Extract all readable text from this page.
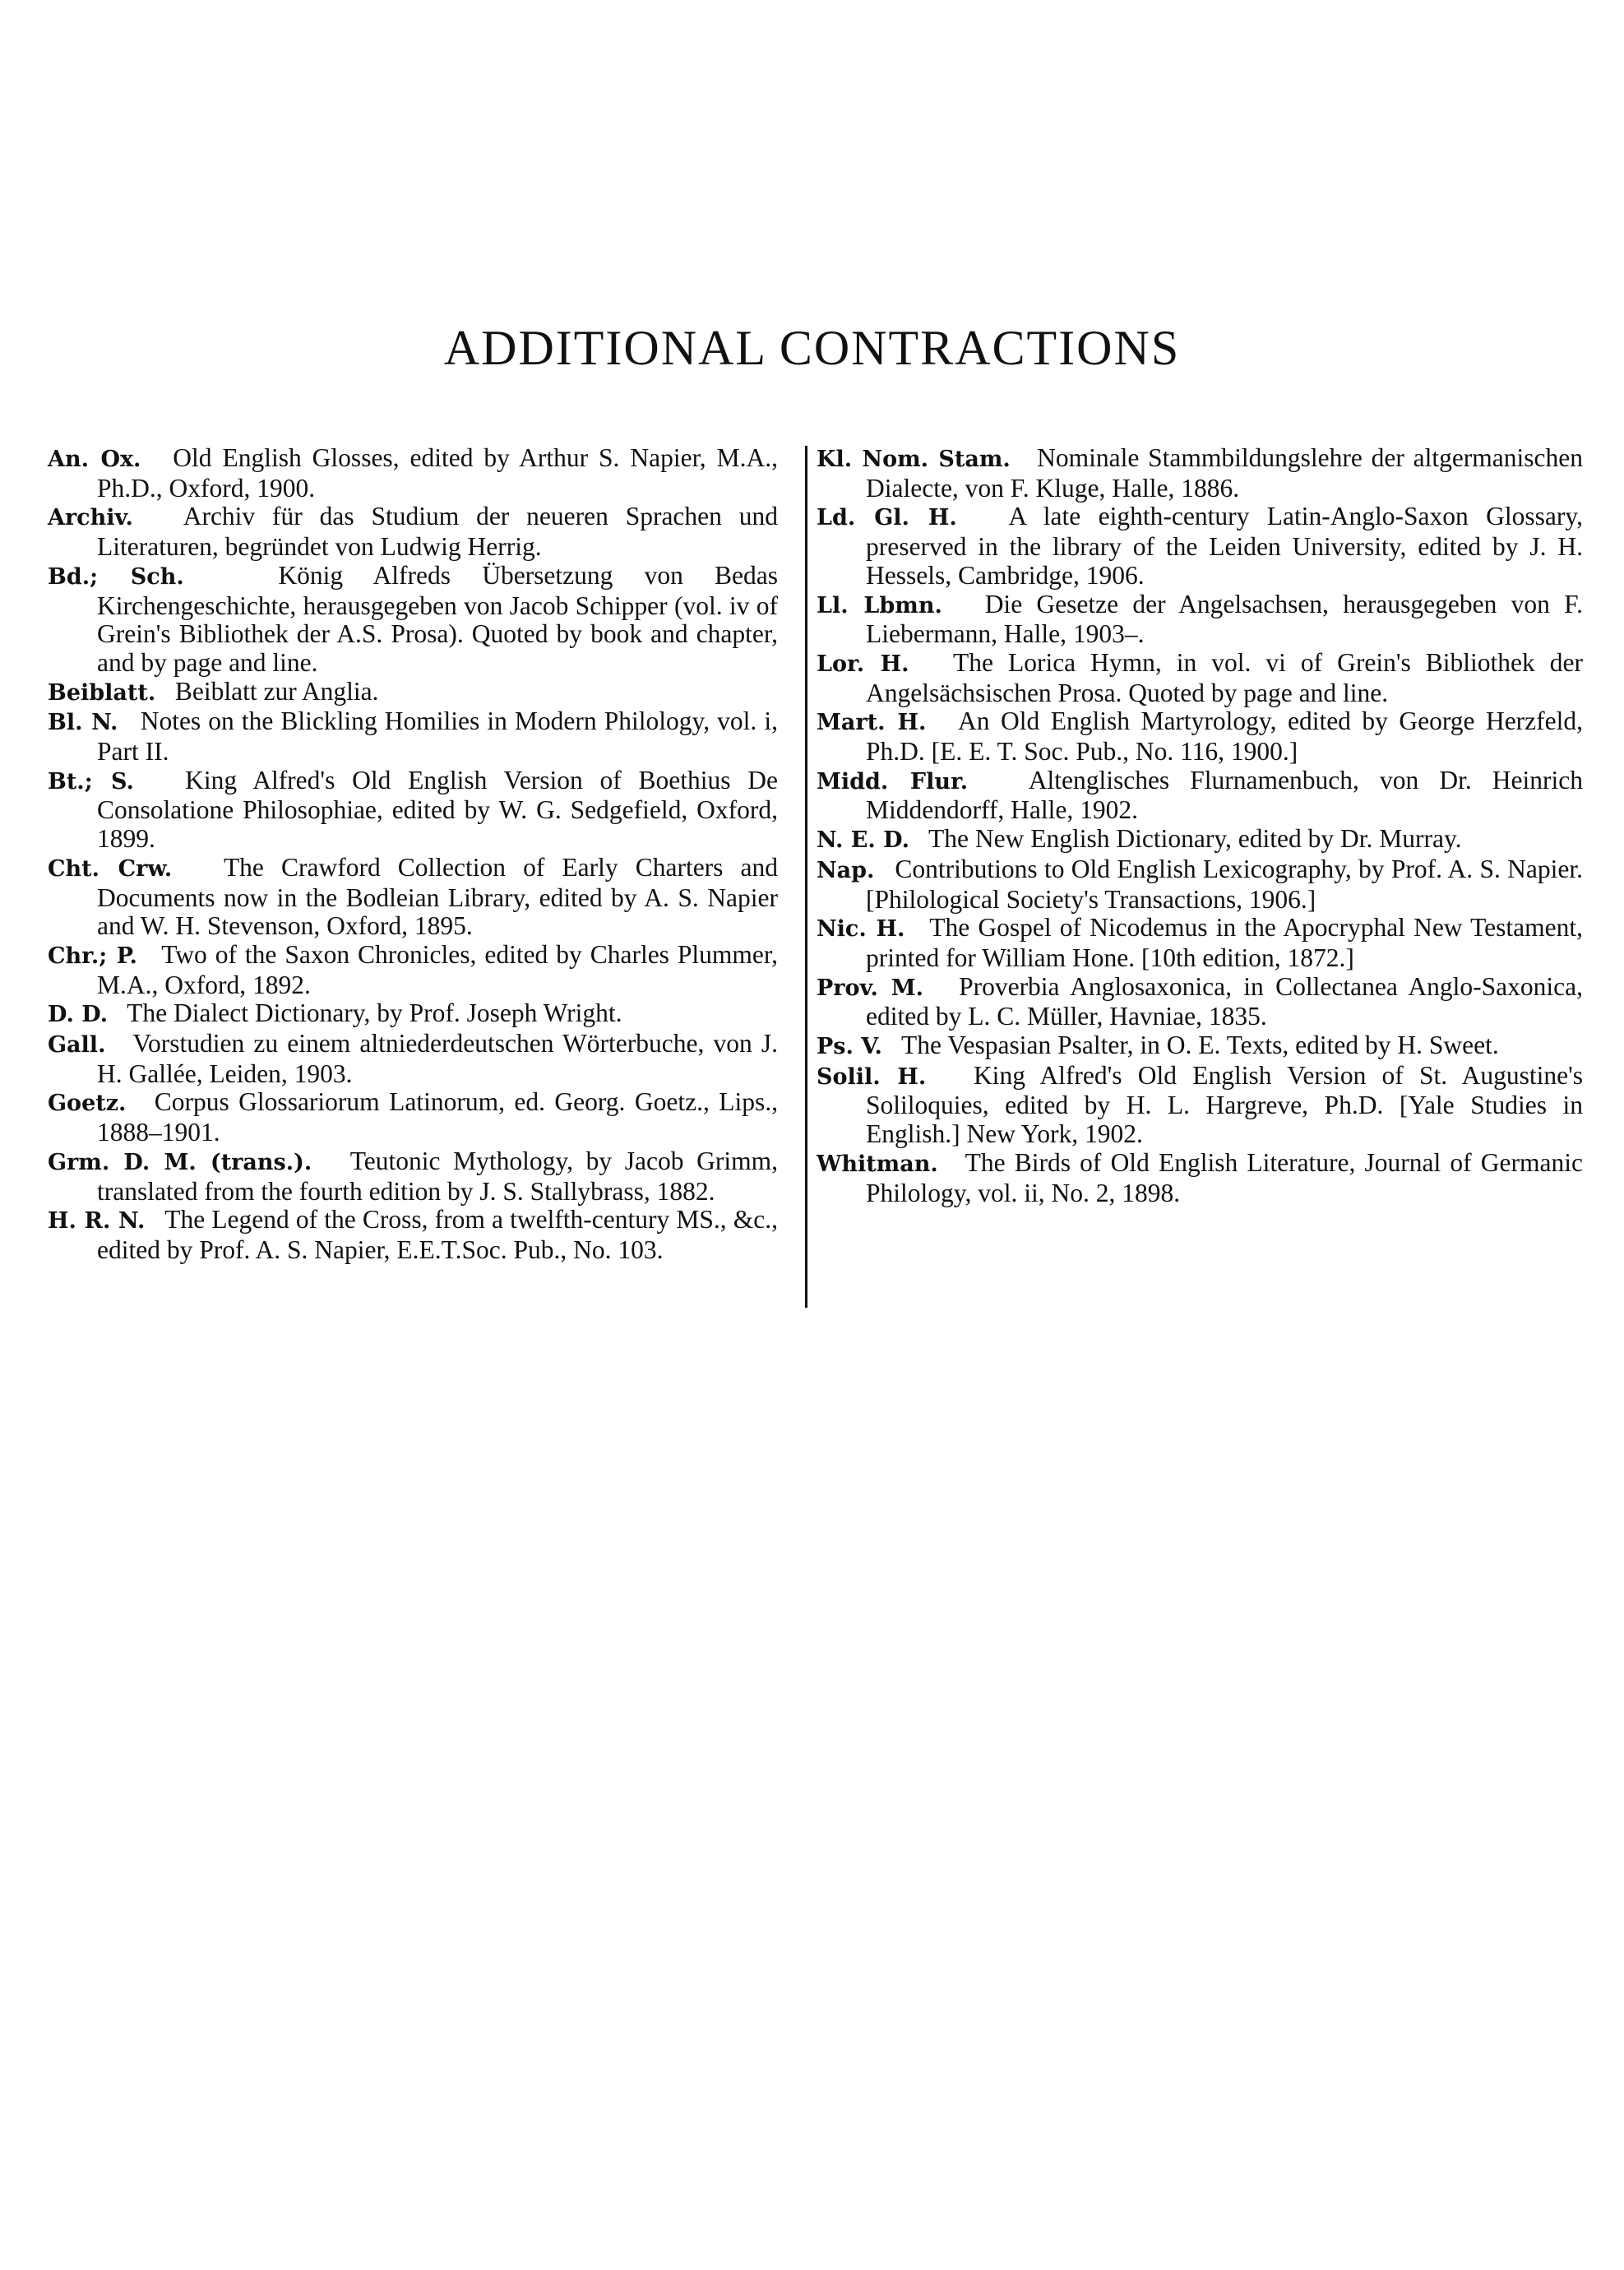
ADDITIONAL CONTRACTIONS

An. Ox. Old English Glosses, edited by Arthur S. Napier, M.A., Ph.D., Oxford, 1900.

Archiv. Archiv für das Studium der neueren Sprachen und Literaturen, begründet von Ludwig Herrig.

Bd.; Sch.	König Alfreds Übersetzung von Bedas Kirchengeschichte, herausgegeben von Jacob Schipper (vol. iv of Grein's Bibliothek der A.S. Prosa). Quoted by book and chapter, and by page and line.

Beiblatt. Beiblatt zur Anglia.

Bl. N. Notes on the Blickling Homilies in Modern Philology, vol. i, Part II.

Bt.; S. King Alfred's Old English Version of Boethius De Consolatione Philosophiae, edited by W. G. Sedgefield, Oxford, 1899.

Cht. Crw. The Crawford Collection of Early Charters and Documents now in the Bodleian Library, edited by A. S. Napier and W. H. Stevenson, Oxford, 1895.

Chr.; P. Two of the Saxon Chronicles, edited by Charles Plummer, M.A., Oxford, 1892.

D. D. The Dialect Dictionary, by Prof. Joseph Wright.

Gall. Vorstudien zu einem altniederdeutschen Wörterbuche, von J. H. Gallée, Leiden, 1903.

Goetz. Corpus Glossariorum Latinorum, ed. Georg. Goetz., Lips., 1888–1901.

Grm. D. M. (trans.). Teutonic Mythology, by Jacob Grimm, translated from the fourth edition by J. S. Stallybrass, 1882.

H. R. N. The Legend of the Cross, from a twelfth-century MS., &c., edited by Prof. A. S. Napier, E.E.T.Soc. Pub., No. 103.

Kl. Nom. Stam. Nominale Stammbildungslehre der altgermanischen Dialecte, von F. Kluge, Halle, 1886.

Ld. Gl. H. A late eighth-century Latin-Anglo-Saxon Glossary, preserved in the library of the Leiden University, edited by J. H. Hessels, Cambridge, 1906.

Ll. Lbmn. Die Gesetze der Angelsachsen, herausgegeben von F. Liebermann, Halle, 1903–.

Lor. H. The Lorica Hymn, in vol. vi of Grein's Bibliothek der Angelsächsischen Prosa. Quoted by page and line.

Mart. H. An Old English Martyrology, edited by George Herzfeld, Ph.D. [E. E. T. Soc. Pub., No. 116, 1900.]

Midd. Flur. Altenglisches Flurnamenbuch, von Dr. Heinrich Middendorff, Halle, 1902.

N. E. D. The New English Dictionary, edited by Dr. Murray.

Nap. Contributions to Old English Lexicography, by Prof. A. S. Napier. [Philological Society's Transactions, 1906.]

Nic. H. The Gospel of Nicodemus in the Apocryphal New Testament, printed for William Hone. [10th edition, 1872.]

Prov. M. Proverbia Anglosaxonica, in Collectanea Anglo-Saxonica, edited by L. C. Müller, Havniae, 1835.

Ps. V. The Vespasian Psalter, in O. E. Texts, edited by H. Sweet.

Solil. H. King Alfred's Old English Version of St. Augustine's Soliloquies, edited by H. L. Hargreve, Ph.D. [Yale Studies in English.] New York, 1902.

Whitman. The Birds of Old English Literature, Journal of Germanic Philology, vol. ii, No. 2, 1898.
